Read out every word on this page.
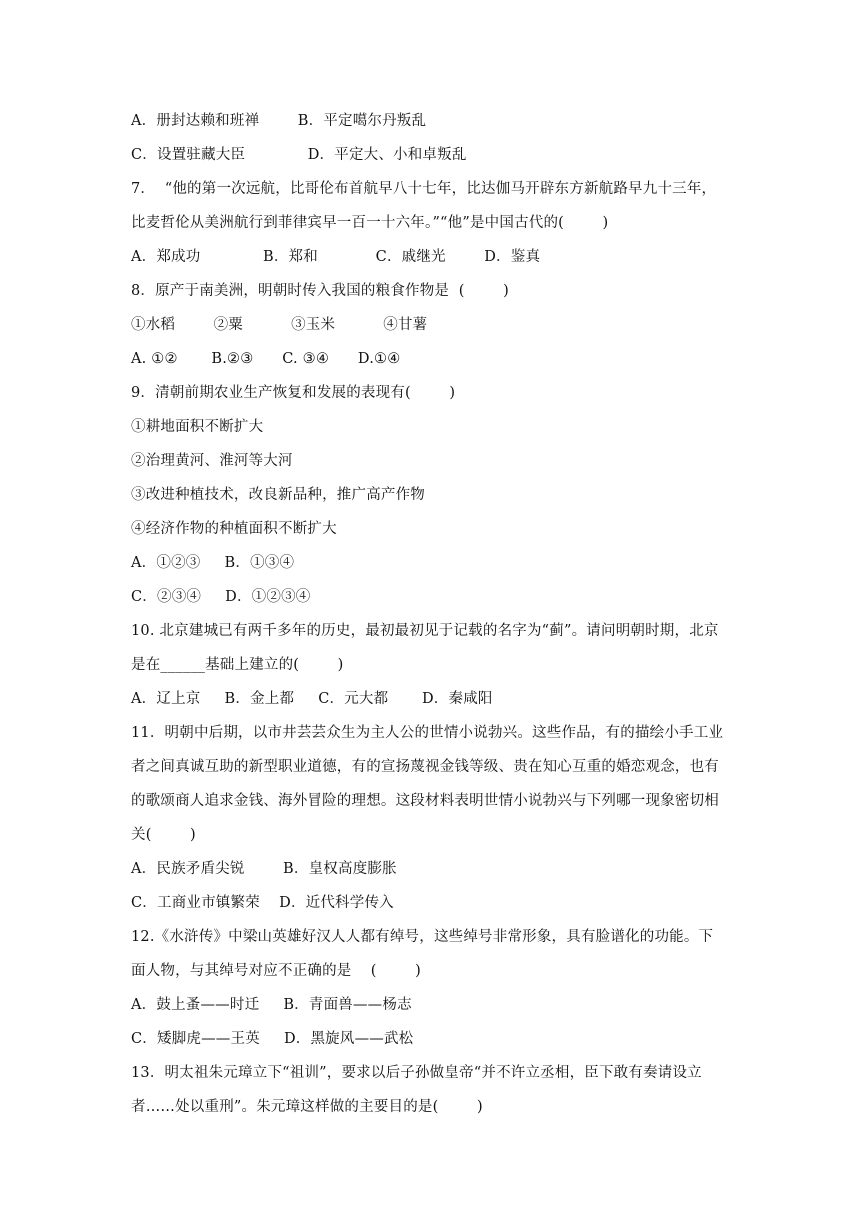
A．册封达赖和班禅        B．平定噶尔丹叛乱
C．设置驻藏大臣             D．平定大、小和卓叛乱
7．  “他的第一次远航，比哥伦布首航早八十七年，比达伽马开辟东方新航路早九十三年，
比麦哲伦从美洲航行到菲律宾早一百一十六年。”“他”是中国古代的(        )
A．郑成功             B．郑和            C．戚继光        D．鉴真
8．原产于南美洲，明朝时传入我国的粮食作物是  (        )
①水稻        ②粟          ③玉米          ④甘薯
A. ①②       B.②③      C. ③④      D.①④
9．清朝前期农业生产恢复和发展的表现有(        )
①耕地面积不断扩大
②治理黄河、淮河等大河
③改进种植技术，改良新品种，推广高产作物
④经济作物的种植面积不断扩大
A．①②③     B．①③④
C．②③④     D．①②③④
10. 北京建城已有两千多年的历史，最初最初见于记载的名字为“蓟”。请问明朝时期，北京
是在______基础上建立的(        )
A．辽上京     B．金上都     C．元大都       D．秦咸阳
11．明朝中后期，以市井芸芸众生为主人公的世情小说勃兴。这些作品，有的描绘小手工业
者之间真诚互助的新型职业道德，有的宣扬蔑视金钱等级、贵在知心互重的婚恋观念，也有
的歌颂商人追求金钱、海外冒险的理想。这段材料表明世情小说勃兴与下列哪一现象密切相
关(        )
A．民族矛盾尖锐        B．皇权高度膨胀
C．工商业市镇繁荣    D．近代科学传入
12.《水浒传》中梁山英雄好汉人人都有绰号，这些绰号非常形象，具有脸谱化的功能。下
面人物，与其绰号对应不正确的是    (        )
A．鼓上蚤——时迁     B．青面兽——杨志
C．矮脚虎——王英     D．黑旋风——武松
13．明太祖朱元璋立下“祖训”，要求以后子孙做皇帝“并不许立丞相，臣下敢有奏请设立
者……处以重刑”。朱元璋这样做的主要目的是(        )
